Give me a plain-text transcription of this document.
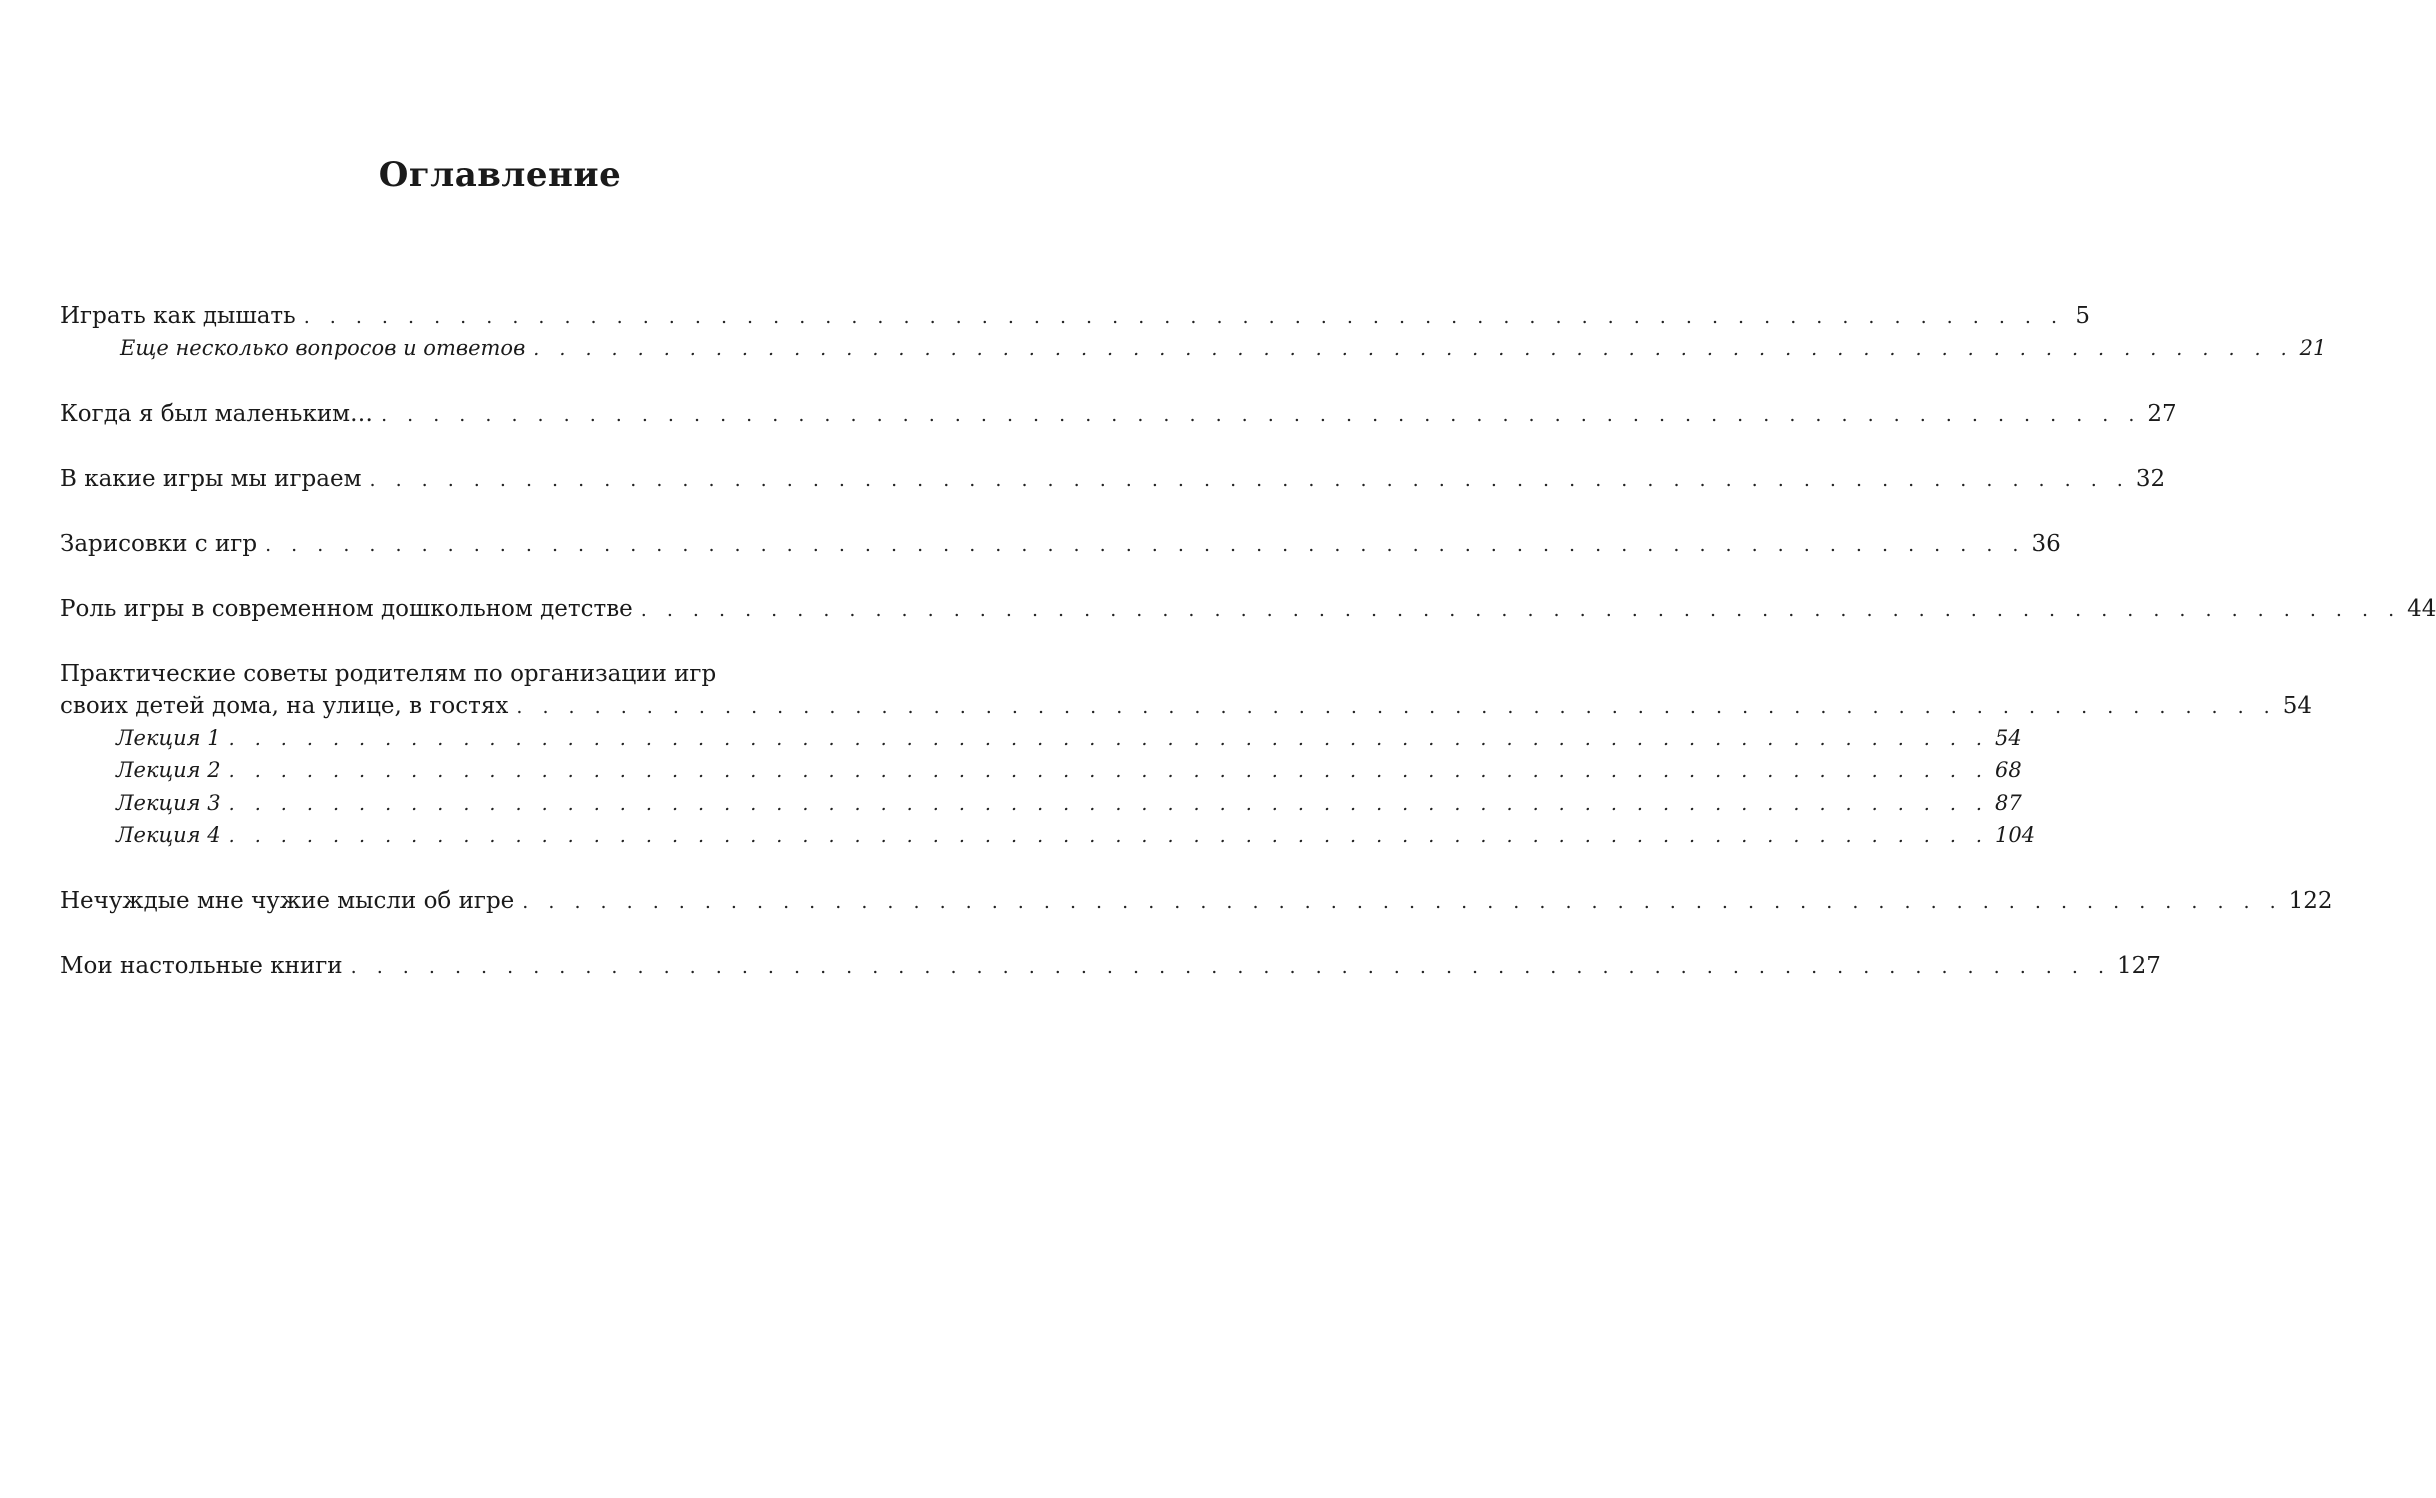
Оглавление
Играть как дышать . . . . . . . . . . . . . . . . . . . . . . . . . . . . . . . . . . . . . . . . . . . . . . . . . . . . . . . . . . . . . . . . . . . . 5
Еще несколько вопросов и ответов . . . . . . . . . . . . . . . . . . . . . . . . . . . . . . . . . . . . . . . . . . . . . . . . . . . . . . . . . . . . . . . . . . . . 21
Когда я был маленьким… . . . . . . . . . . . . . . . . . . . . . . . . . . . . . . . . . . . . . . . . . . . . . . . . . . . . . . . . . . . . . . . . . . . . 27
В какие игры мы играем . . . . . . . . . . . . . . . . . . . . . . . . . . . . . . . . . . . . . . . . . . . . . . . . . . . . . . . . . . . . . . . . . . . . 32
Зарисовки с игр . . . . . . . . . . . . . . . . . . . . . . . . . . . . . . . . . . . . . . . . . . . . . . . . . . . . . . . . . . . . . . . . . . . . 36
Роль игры в современном дошкольном детстве . . . . . . . . . . . . . . . . . . . . . . . . . . . . . . . . . . . . . . . . . . . . . . . . . . . . . . . . . . . . . . . . . . . . 44
Практические советы родителям по организации игр
своих детей дома, на улице, в гостях . . . . . . . . . . . . . . . . . . . . . . . . . . . . . . . . . . . . . . . . . . . . . . . . . . . . . . . . . . . . . . . . . . . . 54
Лекция 1 . . . . . . . . . . . . . . . . . . . . . . . . . . . . . . . . . . . . . . . . . . . . . . . . . . . . . . . . . . . . . . . . . . . . 54
Лекция 2 . . . . . . . . . . . . . . . . . . . . . . . . . . . . . . . . . . . . . . . . . . . . . . . . . . . . . . . . . . . . . . . . . . . . 68
Лекция 3 . . . . . . . . . . . . . . . . . . . . . . . . . . . . . . . . . . . . . . . . . . . . . . . . . . . . . . . . . . . . . . . . . . . . 87
Лекция 4 . . . . . . . . . . . . . . . . . . . . . . . . . . . . . . . . . . . . . . . . . . . . . . . . . . . . . . . . . . . . . . . . . . . . 104
Нечуждые мне чужие мысли об игре . . . . . . . . . . . . . . . . . . . . . . . . . . . . . . . . . . . . . . . . . . . . . . . . . . . . . . . . . . . . . . . . . . . . 122
Мои настольные книги . . . . . . . . . . . . . . . . . . . . . . . . . . . . . . . . . . . . . . . . . . . . . . . . . . . . . . . . . . . . . . . . . . . . 127
